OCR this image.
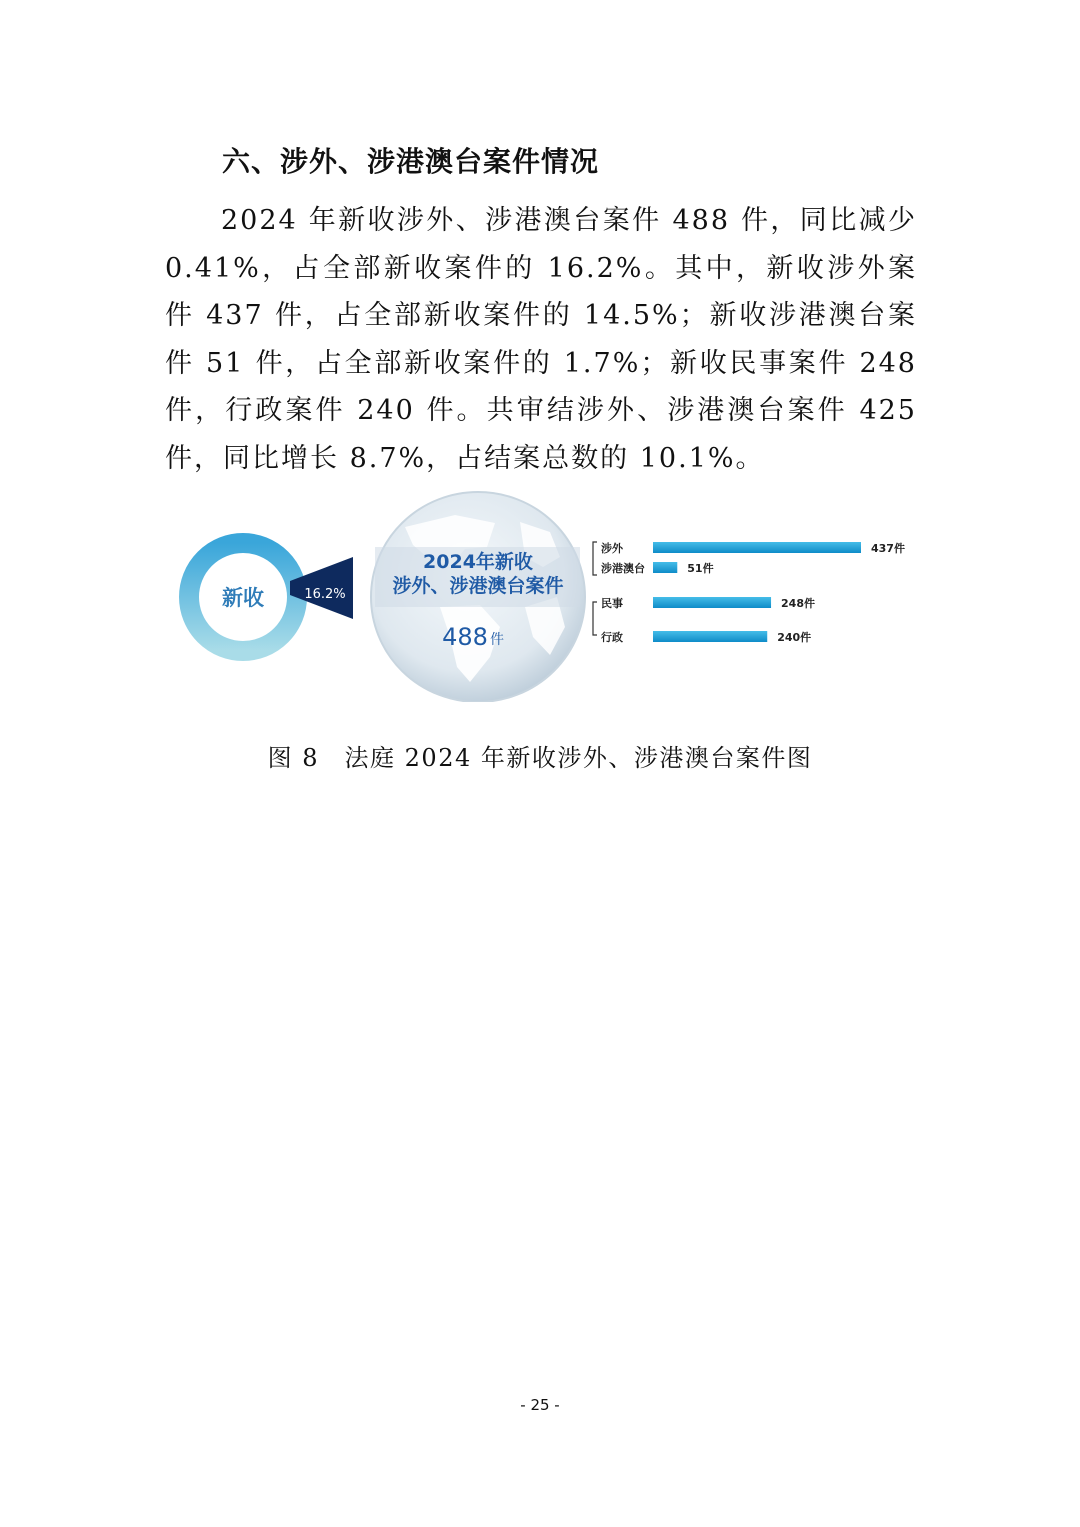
六、涉外、涉港澳台案件情况

2024 年新收涉外、涉港澳台案件 488 件，同比减少 0.41%，占全部新收案件的 16.2%。其中，新收涉外案件 437 件，占全部新收案件的 14.5%；新收涉港澳台案件 51 件，占全部新收案件的 1.7%；新收民事案件 248 件，行政案件 240 件。共审结涉外、涉港澳台案件 425 件，同比增长 8.7%，占结案总数的 10.1%。

新收	16.2%
2024年新收
涉外、涉港澳台案件
488 件
涉外	437件
涉港澳台	51件
民事	248件
行政	240件
图 8　法庭 2024 年新收涉外、涉港澳台案件图
- 25 -
